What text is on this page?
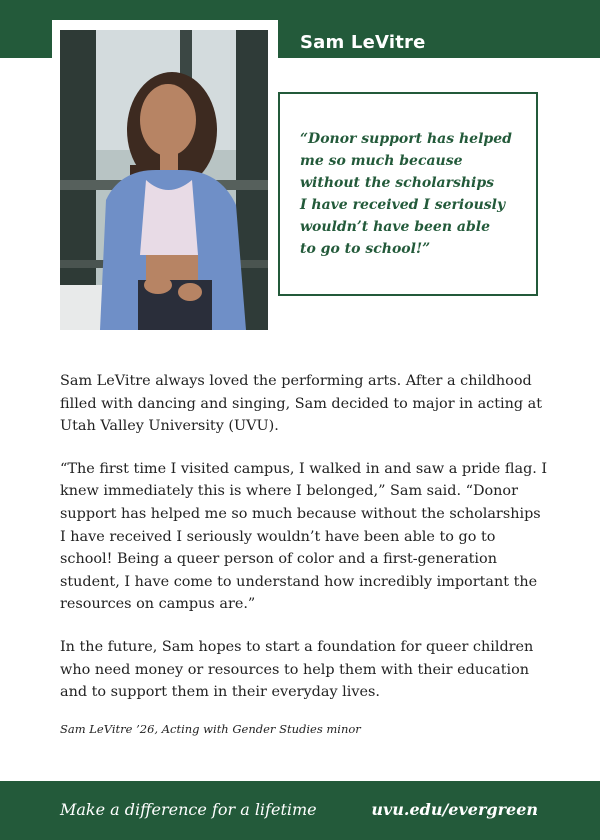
Sam LeVitre

“Donor support has helped
me so much because
without the scholarships
I have received I seriously
wouldn’t have been able
to go to school!”

Sam LeVitre always loved the performing arts. After a childhood filled with dancing and singing, Sam decided to major in acting at Utah Valley University (UVU).

“The first time I visited campus, I walked in and saw a pride flag. I knew immediately this is where I belonged,” Sam said. “Donor support has helped me so much because without the scholarships I have received I seriously wouldn’t have been able to go to school! Being a queer person of color and a first-generation student, I have come to understand how incredibly important the resources on campus are.”

In the future, Sam hopes to start a foundation for queer children who need money or resources to help them with their education and to support them in their everyday lives.

Sam LeVitre ’26, Acting with Gender Studies minor

Make a difference for a lifetime	uvu.edu/evergreen
